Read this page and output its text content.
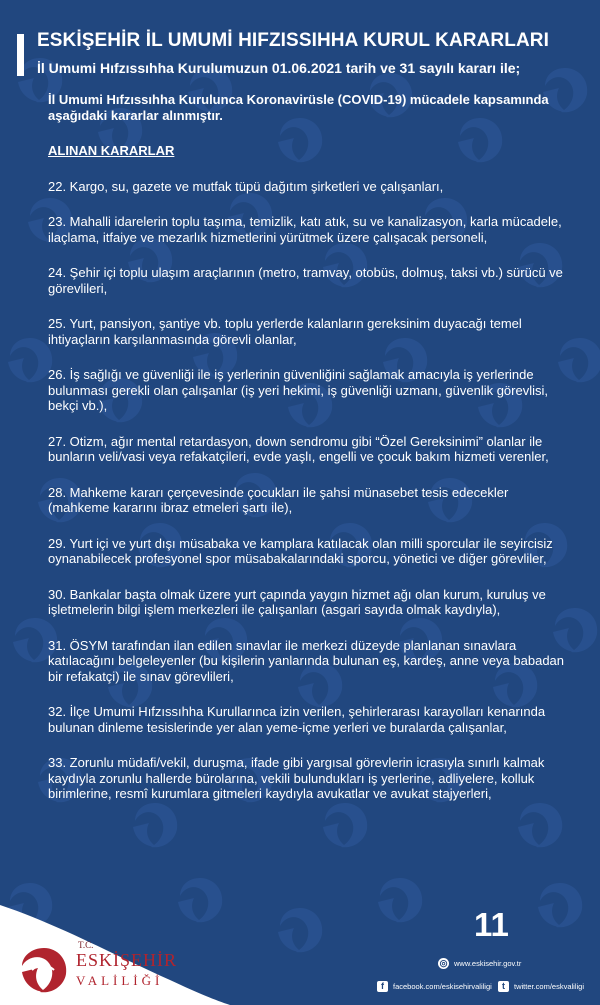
ESKİŞEHİR İL UMUMİ HIFZISSIHHA KURUL KARARLARI
İl Umumi Hıfzıssıhha Kurulumuzun 01.06.2021 tarih ve 31 sayılı kararı ile;
İl Umumi Hıfzıssıhha Kurulunca Koronavirüsle (COVID-19) mücadele kapsamında aşağıdaki kararlar alınmıştır.
ALINAN KARARLAR
22. Kargo, su, gazete ve mutfak tüpü dağıtım şirketleri ve çalışanları,
23. Mahalli idarelerin toplu taşıma, temizlik, katı atık, su ve kanalizasyon, karla mücadele, ilaçlama, itfaiye ve mezarlık hizmetlerini yürütmek üzere çalışacak personeli,
24. Şehir içi toplu ulaşım araçlarının (metro, tramvay, otobüs, dolmuş, taksi vb.) sürücü ve görevlileri,
25. Yurt, pansiyon, şantiye vb. toplu yerlerde kalanların gereksinim duyacağı temel ihtiyaçların karşılanmasında görevli olanlar,
26. İş sağlığı ve güvenliği ile iş yerlerinin güvenliğini sağlamak amacıyla iş yerlerinde bulunması gerekli olan çalışanlar (iş yeri hekimi, iş güvenliği uzmanı, güvenlik görevlisi, bekçi vb.),
27. Otizm, ağır mental retardasyon, down sendromu gibi “Özel Gereksinimi” olanlar ile bunların veli/vasi veya refakatçileri, evde yaşlı, engelli ve çocuk bakım hizmeti verenler,
28. Mahkeme kararı çerçevesinde çocukları ile şahsi münasebet tesis edecekler (mahkeme kararını ibraz etmeleri şartı ile),
29. Yurt içi ve yurt dışı müsabaka ve kamplara katılacak olan milli sporcular ile seyircisiz oynanabilecek profesyonel spor müsabakalarındaki sporcu, yönetici ve diğer görevliler,
30. Bankalar başta olmak üzere yurt çapında yaygın hizmet ağı olan kurum, kuruluş ve işletmelerin bilgi işlem merkezleri ile çalışanları (asgari sayıda olmak kaydıyla),
31. ÖSYM tarafından ilan edilen sınavlar ile merkezi düzeyde planlanan sınavlara katılacağını belgeleyenler (bu kişilerin yanlarında bulunan eş, kardeş, anne veya babadan bir refakatçi) ile sınav görevlileri,
32. İlçe Umumi Hıfzıssıhha Kurullarınca izin verilen, şehirlerarası karayolları kenarında bulunan dinleme tesislerinde yer alan yeme-içme yerleri ve buralarda çalışanlar,
33. Zorunlu müdafi/vekil, duruşma, ifade gibi yargısal görevlerin icrasıyla sınırlı kalmak kaydıyla zorunlu hallerde bürolarına, vekili bulundukları iş yerlerine, adliyelere, kolluk birimlerine, resmî kurumlara gitmeleri kaydıyla avukatlar ve avukat stajyerleri,
11
T.C.
ESKİŞEHİR
VALİLİĞİ
◎ www.eskisehir.gov.tr
f	facebook.com/eskisehirvaliligi	t	twitter.com/eskvaliligi
